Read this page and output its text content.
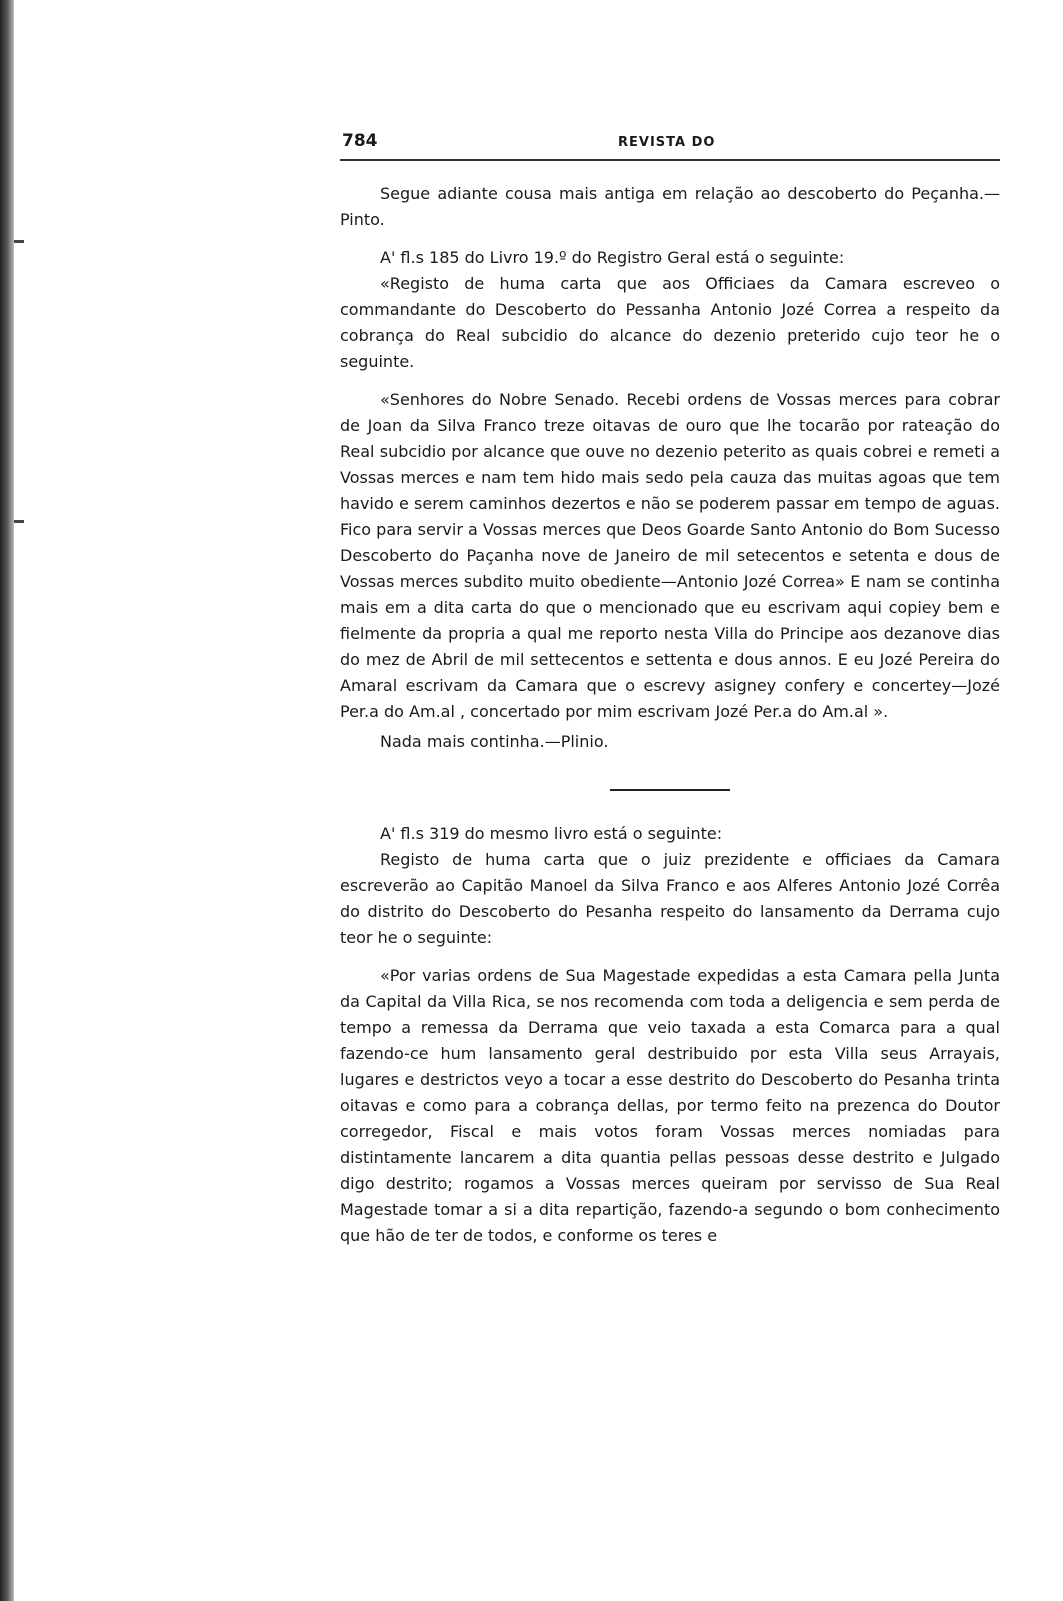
784	REVISTA DO

Segue adiante cousa mais antiga em relação ao descoberto do Peçanha.—Pinto.

A' fl.s 185 do Livro 19.º do Registro Geral está o seguinte:

«Registo de huma carta que aos Officiaes da Camara escreveo o commandante do Descoberto do Pessanha Antonio Jozé Correa a respeito da cobrança do Real subcidio do alcance do dezenio preterido cujo teor he o seguinte.

«Senhores do Nobre Senado. Recebi ordens de Vossas merces para cobrar de Joan da Silva Franco treze oitavas de ouro que lhe tocarão por rateação do Real subcidio por alcance que ouve no dezenio peterito as quais cobrei e remeti a Vossas merces e nam tem hido mais sedo pela cauza das muitas agoas que tem havido e serem caminhos dezertos e não se poderem passar em tempo de aguas. Fico para servir a Vossas merces que Deos Goarde Santo Antonio do Bom Sucesso Descoberto do Paçanha nove de Janeiro de mil setecentos e setenta e dous de Vossas merces subdito muito obediente—Antonio Jozé Correa» E nam se continha mais em a dita carta do que o mencionado que eu escrivam aqui copiey bem e fielmente da propria a qual me reporto nesta Villa do Principe aos dezanove dias do mez de Abril de mil settecentos e settenta e dous annos. E eu Jozé Pereira do Amaral escrivam da Camara que o escrevy asigney confery e concertey—Jozé Per.a do Am.al , concertado por mim escrivam Jozé Per.a do Am.al ».

Nada mais continha.—Plinio.

A' fl.s 319 do mesmo livro está o seguinte:

Registo de huma carta que o juiz prezidente e officiaes da Camara escreverão ao Capitão Manoel da Silva Franco e aos Alferes Antonio Jozé Corrêa do distrito do Descoberto do Pesanha respeito do lansamento da Derrama cujo teor he o seguinte:

«Por varias ordens de Sua Magestade expedidas a esta Camara pella Junta da Capital da Villa Rica, se nos recomenda com toda a deligencia e sem perda de tempo a remessa da Derrama que veio taxada a esta Comarca para a qual fazendo-ce hum lansamento geral destribuido por esta Villa seus Arrayais, lugares e destrictos veyo a tocar a esse destrito do Descoberto do Pesanha trinta oitavas e como para a cobrança dellas, por termo feito na prezenca do Doutor corregedor, Fiscal e mais votos foram Vossas merces nomiadas para distintamente lancarem a dita quantia pellas pessoas desse destrito e Julgado digo destrito; rogamos a Vossas merces queiram por servisso de Sua Real Magestade tomar a si a dita repartição, fazendo-a segundo o bom conhecimento que hão de ter de todos, e conforme os teres e
